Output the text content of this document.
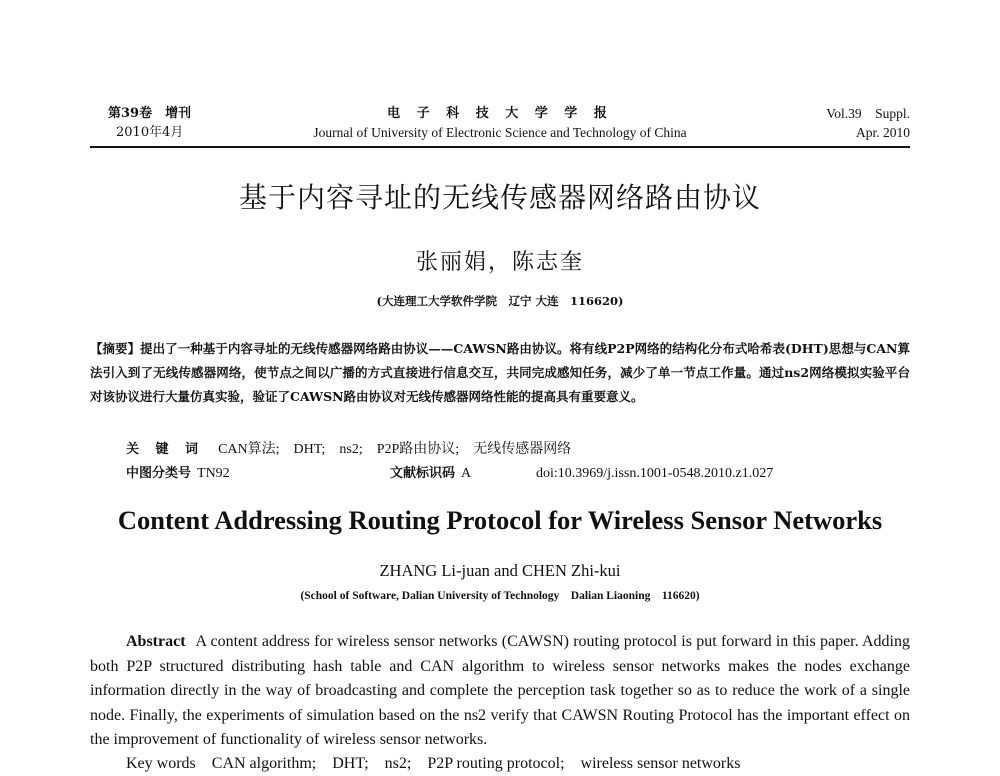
第39卷　增刊
2010年4月
电 子 科 技 大 学 学 报
Journal of University of Electronic Science and Technology of China
Vol.39　Suppl.
Apr. 2010
基于内容寻址的无线传感器网络路由协议
张丽娟，陈志奎
(大连理工大学软件学院　辽宁 大连　116620)
【摘要】提出了一种基于内容寻址的无线传感器网络路由协议——CAWSN路由协议。将有线P2P网络的结构化分布式哈希表(DHT)思想与CAN算法引入到了无线传感器网络，使节点之间以广播的方式直接进行信息交互，共同完成感知任务，减少了单一节点工作量。通过ns2网络模拟实验平台对该协议进行大量仿真实验，验证了CAWSN路由协议对无线传感器网络性能的提高具有重要意义。
关 键 词 CAN算法;　DHT;　ns2;　P2P路由协议;　无线传感器网络
中图分类号 TN92	文献标识码 A	doi:10.3969/j.issn.1001-0548.2010.z1.027
Content Addressing Routing Protocol for Wireless Sensor Networks
ZHANG Li-juan and CHEN Zhi-kui
(School of Software, Dalian University of Technology　Dalian Liaoning　116620)
Abstract A content address for wireless sensor networks (CAWSN) routing protocol is put forward in this paper. Adding both P2P structured distributing hash table and CAN algorithm to wireless sensor networks makes the nodes exchange information directly in the way of broadcasting and complete the perception task together so as to reduce the work of a single node. Finally, the experiments of simulation based on the ns2 verify that CAWSN Routing Protocol has the important effect on the improvement of functionality of wireless sensor networks.
Key words　CAN algorithm;　DHT;　ns2;　P2P routing protocol;　wireless sensor networks
